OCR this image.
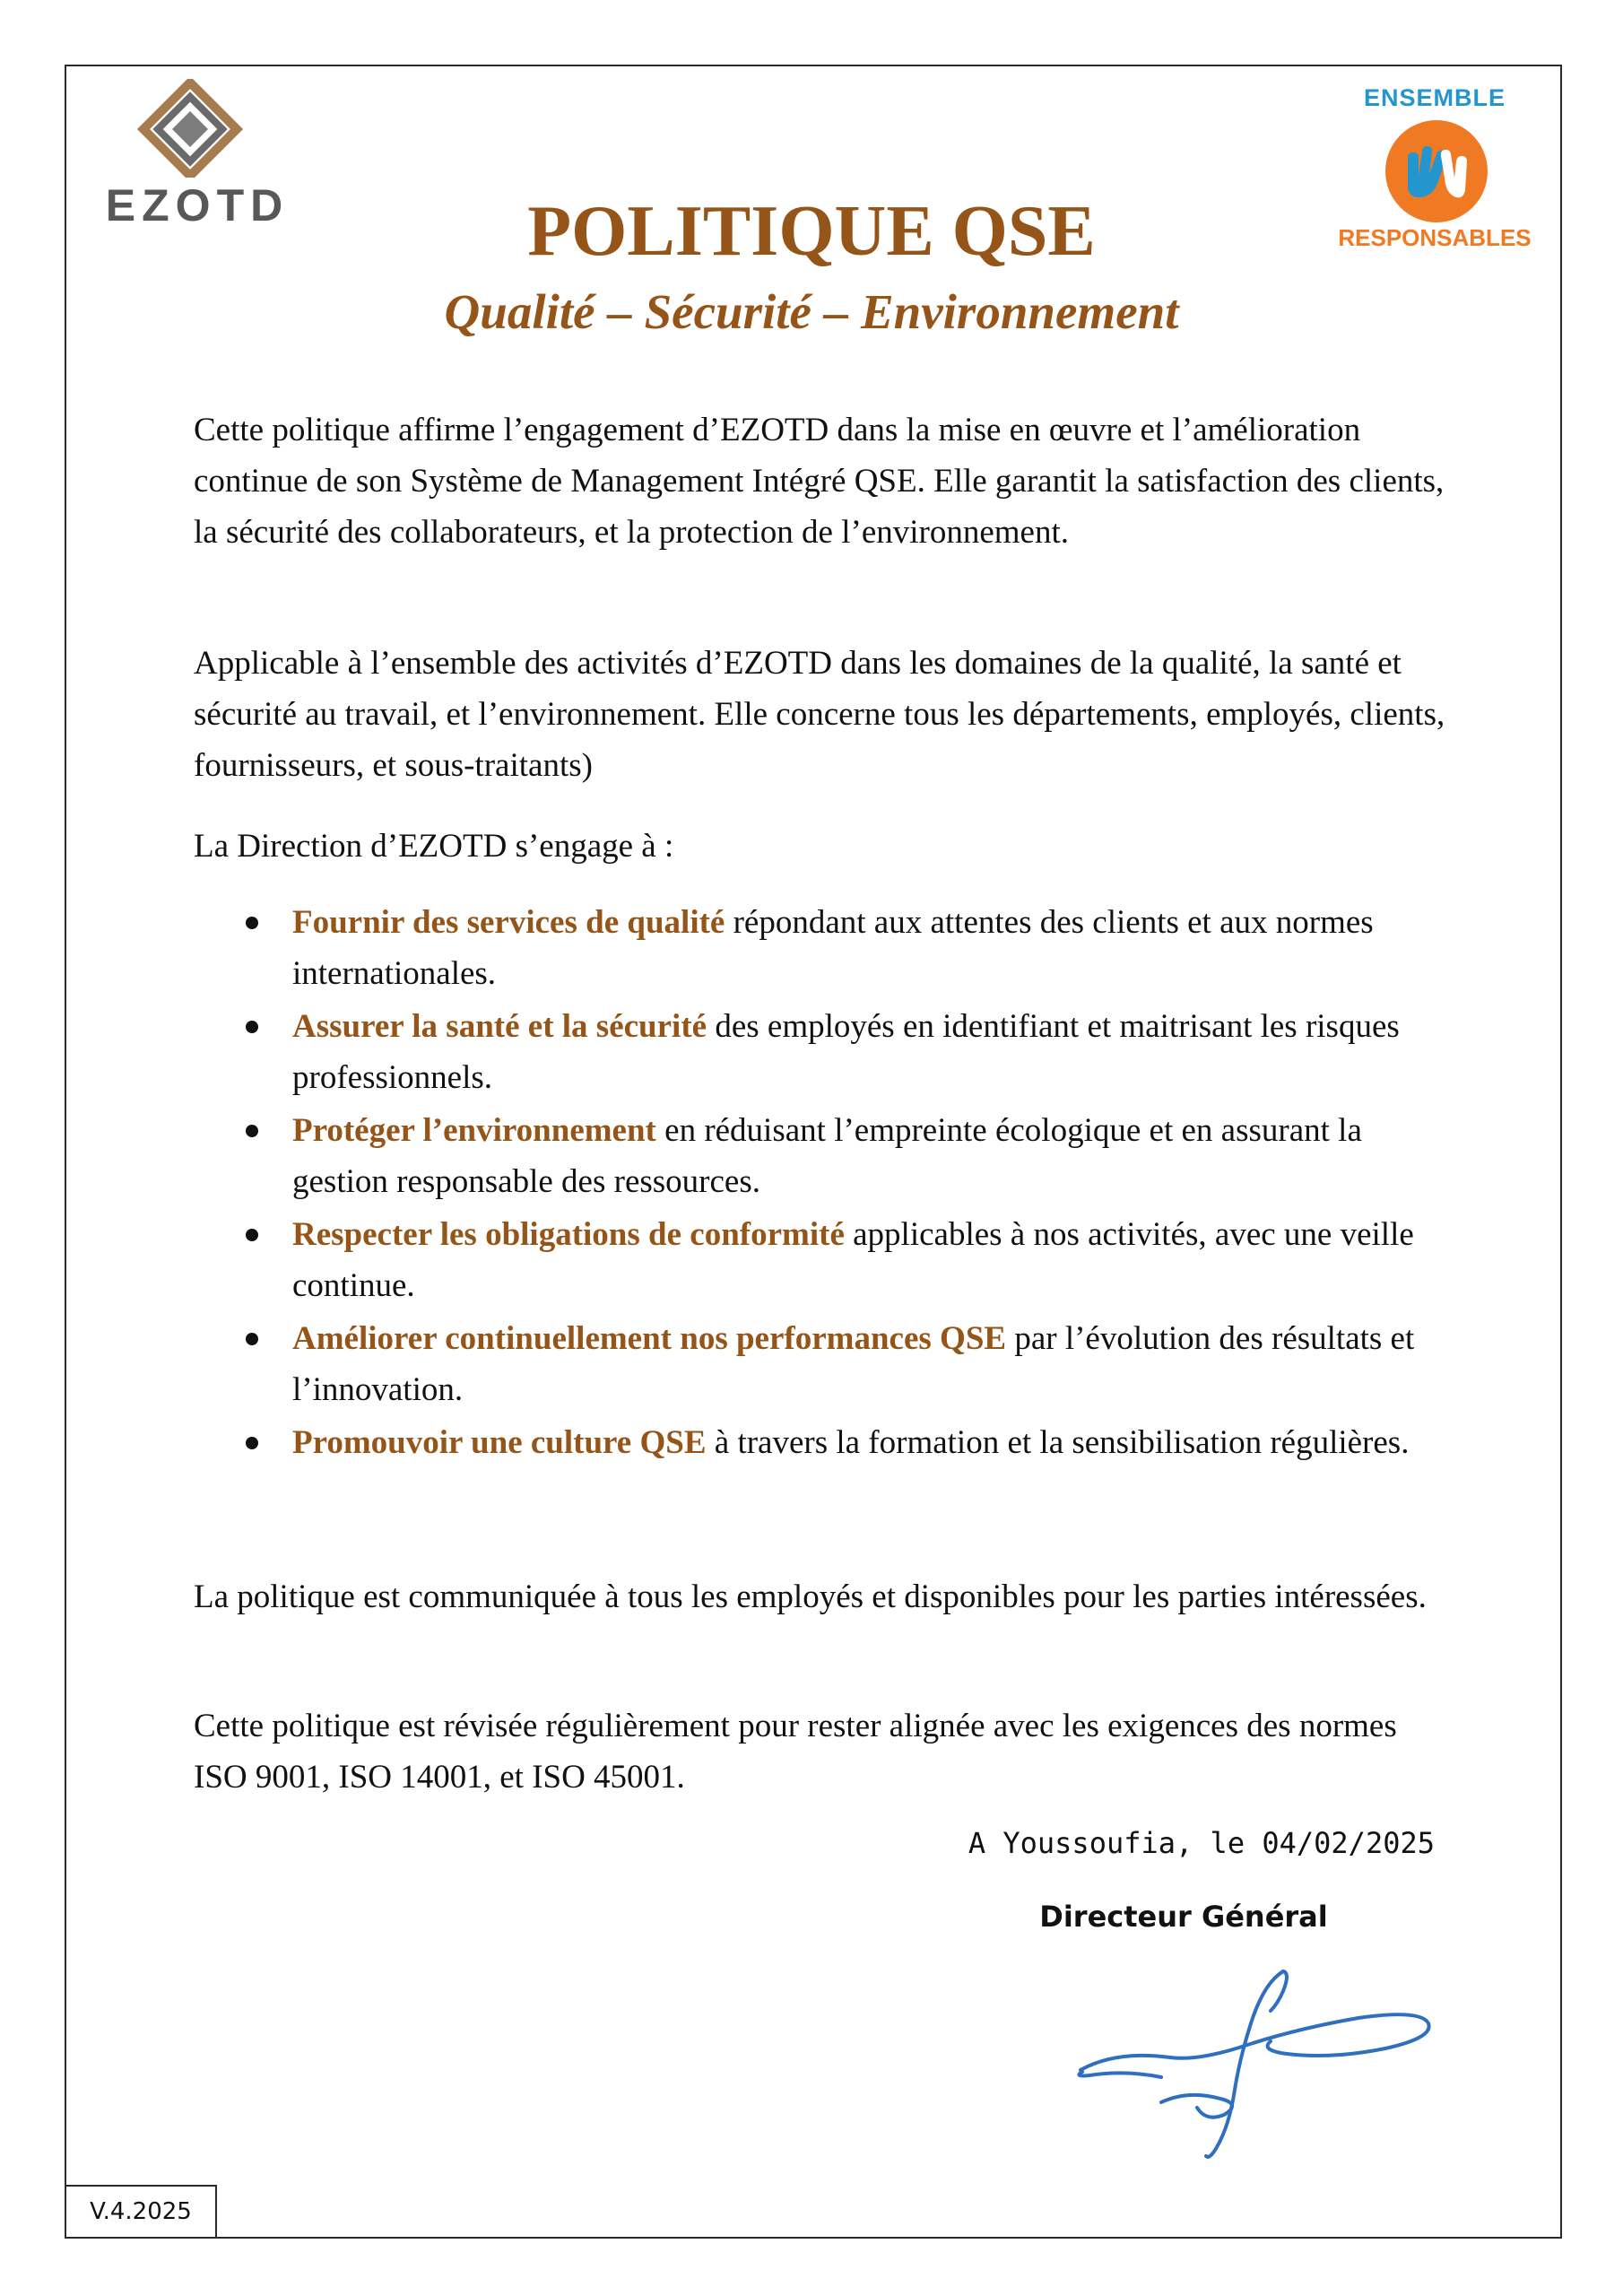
EZOTD
ENSEMBLE
RESPONSABLES
POLITIQUE QSE
Qualité – Sécurité – Environnement

Cette politique affirme l’engagement d’EZOTD dans la mise en œuvre et l’amélioration continue de son Système de Management Intégré QSE. Elle garantit la satisfaction des clients, la sécurité des collaborateurs, et la protection de l’environnement.

Applicable à l’ensemble des activités d’EZOTD dans les domaines de la qualité, la santé et sécurité au travail, et l’environnement. Elle concerne tous les départements, employés, clients, fournisseurs, et sous-traitants)

La Direction d’EZOTD s’engage à :

Fournir des services de qualité répondant aux attentes des clients et aux normes internationales.
Assurer la santé et la sécurité des employés en identifiant et maitrisant les risques professionnels.
Protéger l’environnement en réduisant l’empreinte écologique et en assurant la gestion responsable des ressources.
Respecter les obligations de conformité applicables à nos activités, avec une veille continue.
Améliorer continuellement nos performances QSE par l’évolution des résultats et l’innovation.
Promouvoir une culture QSE à travers la formation et la sensibilisation régulières.

La politique est communiquée à tous les employés et disponibles pour les parties intéressées.

Cette politique est révisée régulièrement pour rester alignée avec les exigences des normes ISO 9001, ISO 14001, et ISO 45001.

A Youssoufia, le 04/02/2025
Directeur Général
V.4.2025
